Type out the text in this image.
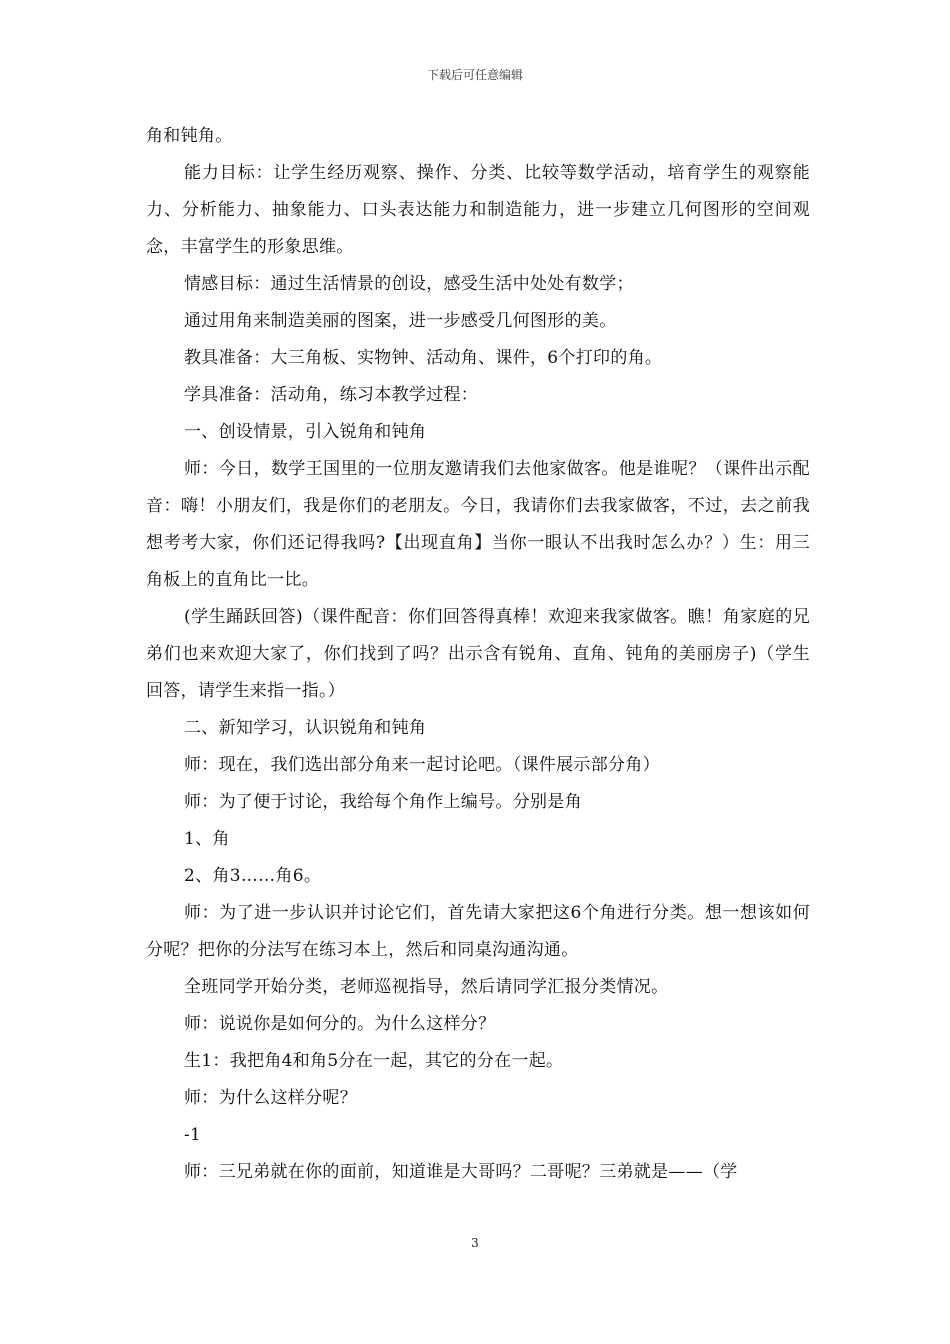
下载后可任意编辑

角和钝角。

能力目标：让学生经历观察、操作、分类、比较等数学活动，培育学生的观察能力、分析能力、抽象能力、口头表达能力和制造能力，进一步建立几何图形的空间观念，丰富学生的形象思维。

情感目标：通过生活情景的创设，感受生活中处处有数学；

通过用角来制造美丽的图案，进一步感受几何图形的美。

教具准备：大三角板、实物钟、活动角、课件，6个打印的角。

学具准备：活动角，练习本教学过程：

一、创设情景，引入锐角和钝角

师：今日，数学王国里的一位朋友邀请我们去他家做客。他是谁呢？（课件出示配音：嗨！小朋友们，我是你们的老朋友。今日，我请你们去我家做客，不过，去之前我想考考大家，你们还记得我吗?【出现直角】当你一眼认不出我时怎么办？）生：用三角板上的直角比一比。

(学生踊跃回答)（课件配音：你们回答得真棒！欢迎来我家做客。瞧！角家庭的兄弟们也来欢迎大家了，你们找到了吗？出示含有锐角、直角、钝角的美丽房子)（学生回答，请学生来指一指。）

二、新知学习，认识锐角和钝角

师：现在，我们选出部分角来一起讨论吧。（课件展示部分角）

师：为了便于讨论，我给每个角作上编号。分别是角

1、角

2、角3……角6。

师：为了进一步认识并讨论它们，首先请大家把这6个角进行分类。想一想该如何分呢？把你的分法写在练习本上，然后和同桌沟通沟通。

全班同学开始分类，老师巡视指导，然后请同学汇报分类情况。

师：说说你是如何分的。为什么这样分？

生1：我把角4和角5分在一起，其它的分在一起。

师：为什么这样分呢？

-1

师：三兄弟就在你的面前，知道谁是大哥吗？二哥呢？三弟就是——（学

3
